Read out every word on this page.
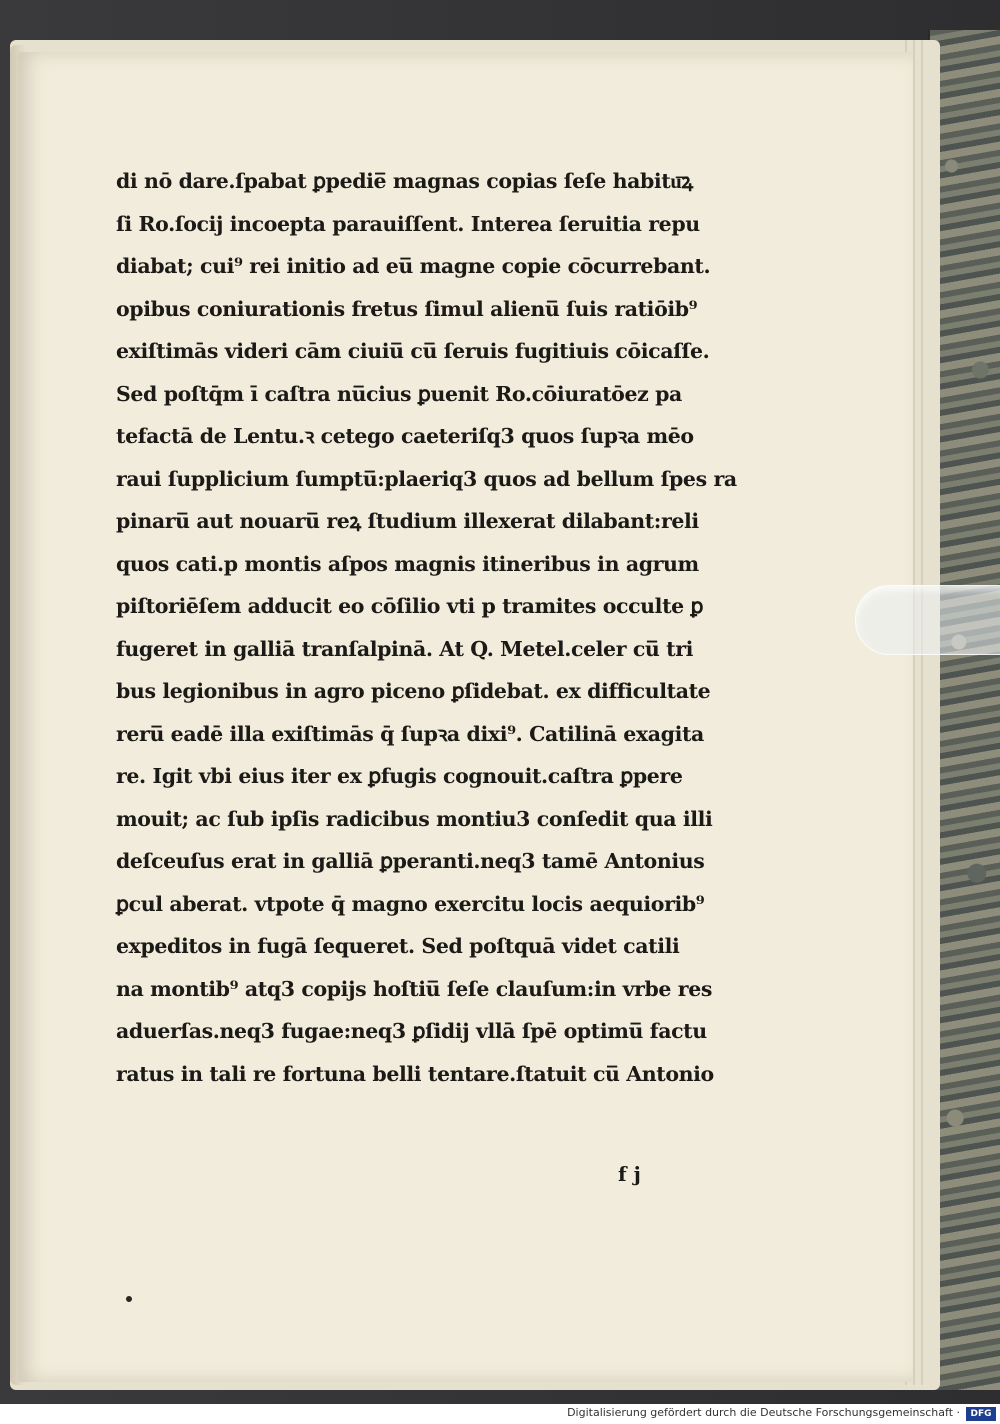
di nō dare.ſpabat ꝑpedie̅ magnas copias ſeſe habitu͞ꝝ
ſi Ro.ſocij incoepta parauiſſent. Interea ſeruitia repu
diabat; cui⁹ rei initio ad eu̅ magne copie cōcurrebant.
opibus coniurationis fretus ſimul alienu̅ ſuis ratiōib⁹
exiſtimās videri cām ciuiu̅ cu̅ ſeruis fugitiuis cōicaſſe.
Sed poſtq̄m ī caſtra nu̅cius ꝑuenit Ro.cōiuratōez pa
tefactā de Lentu.ꝛ cetego caeteriſq3 quos ſupꝛa mēo
raui ſupplicium ſumptu̅:plaeriq3 quos ad bellum ſpes ra
pinaru̅ aut nouaru̅ reꝝ ſtudium illexerat dilabant:reli
quos cati.p montis aſpos magnis itineribus in agrum
piſtoriēſem adducit eo cōſilio vti p tramites occulte ꝑ
fugeret in galliā tranſalpinā. At Q. Metel.celer cu̅ tri
bus legionibus in agro piceno ꝑſidebat. ex difficultate
reru̅ eadē illa exiſtimās q̄ ſupꝛa dixi⁹. Catilinā exagita
re. Igit vbi eius iter ex ꝑfugis cognouit.caſtra ꝑpere
mouit; ac ſub ipſis radicibus montiu3 conſedit qua illi
deſceuſus erat in galliā ꝑperanti.neq3 tamē Antonius
ꝑcul aberat. vtpote q̄ magno exercitu locis aequiorib⁹
expeditos in fugā ſequeret. Sed poſtquā videt catili
na montib⁹ atq3 copijs hoſtiu̅ ſeſe clauſum:in vrbe res
aduerſas.neq3 fugae:neq3 ꝑſidij vllā ſpē optimu̅ factu
ratus in tali re fortuna belli tentare.ſtatuit cu̅ Antonio
f j
Digitalisierung gefördert durch die Deutsche Forschungsgemeinschaft ·	DFG
